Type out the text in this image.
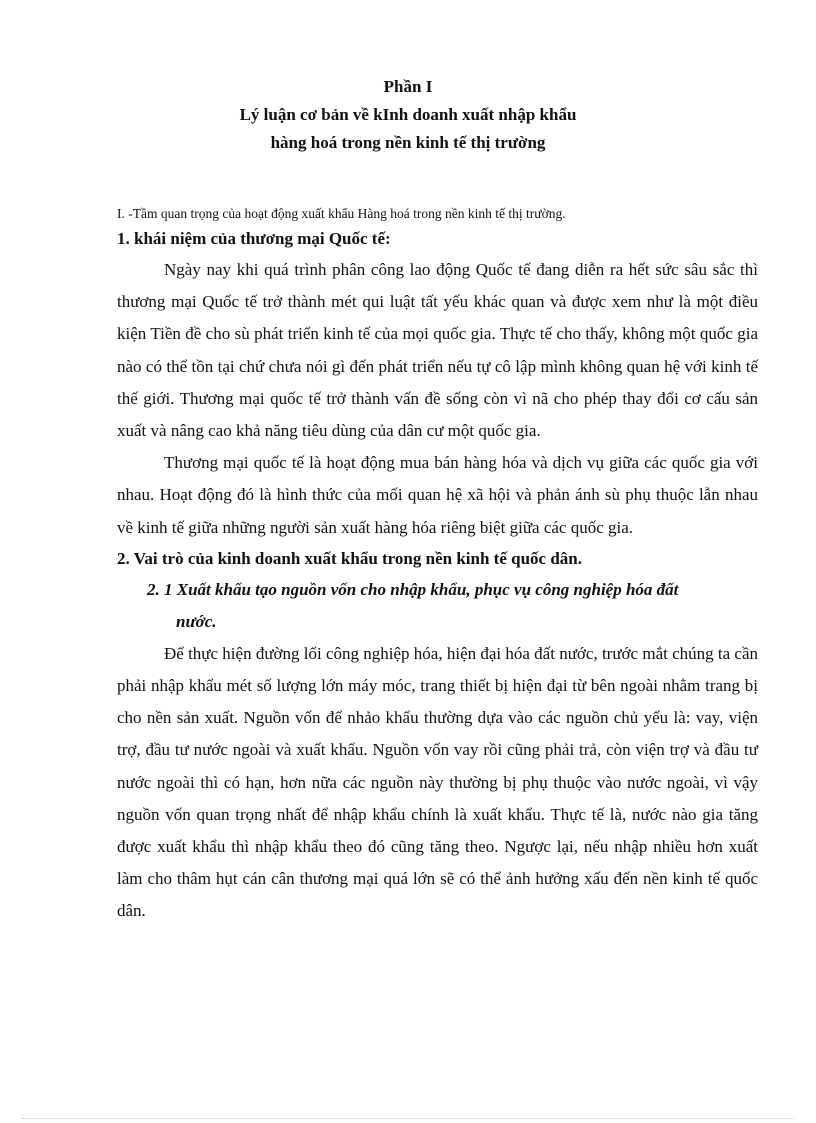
Phần I
Lý luận cơ bản về kInh doanh xuất nhập khẩu
hàng hoá trong nền kinh tế thị trường

I. -Tầm quan trọng của hoạt động xuất khẩu Hàng hoá trong nền kinh tế thị trường.

1. khái niệm của thương mại Quốc tế:

Ngày nay khi quá trình phân công lao động Quốc tế đang diễn ra hết sức sâu sắc thì thương mại Quốc tế trở thành mét qui luật tất yếu khác quan và được xem như là một điều kiện Tiền đề cho sù phát triển kinh tế của mọi quốc gia. Thực tế cho thấy, không một quốc gia nào có thể tồn tại chứ chưa nói gì đến phát triển nếu tự cô lập mình không quan hệ với kinh tế thế giới. Thương mại quốc tế trở thành vấn đề sống còn vì nã cho phép thay đổi cơ cấu sản xuất và nâng cao khả năng tiêu dùng của dân cư một quốc gia.

Thương mại quốc tế là hoạt động mua bán hàng hóa và dịch vụ giữa các quốc gia với nhau. Hoạt động đó là hình thức của mối quan hệ xã hội và phản ánh sù phụ thuộc lẫn nhau về kinh tế giữa những người sản xuất hàng hóa riêng biệt giữa các quốc gia.

2. Vai trò của kinh doanh xuất khẩu trong nền kinh tế quốc dân.
2. 1 Xuất khẩu tạo nguồn vốn cho nhập khẩu, phục vụ công nghiệp hóa đất
nước.

Để thực hiện đường lối công nghiệp hóa, hiện đại hóa đất nước, trước mắt chúng ta cần phải nhập khẩu mét số lượng lớn máy móc, trang thiết bị hiện đại từ bên ngoài nhằm trang bị cho nền sản xuất. Nguồn vốn để nhảo khẩu thường dựa vào các nguồn chủ yếu là: vay, viện trợ, đầu tư nước ngoài và xuất khẩu. Nguồn vốn vay rồi cũng phải trả, còn viện trợ và đầu tư nước ngoài thì có hạn, hơn nữa các nguồn này thường bị phụ thuộc vào nước ngoài, vì vậy nguồn vốn quan trọng nhất để nhập khẩu chính là xuất khẩu. Thực tế là, nước nào gia tăng được xuất khẩu thì nhập khẩu theo đó cũng tăng theo. Ngược lại, nếu nhập nhiều hơn xuất làm cho thâm hụt cán cân thương mại quá lớn sẽ có thể ảnh hưởng xấu đến nền kinh tế quốc dân.
